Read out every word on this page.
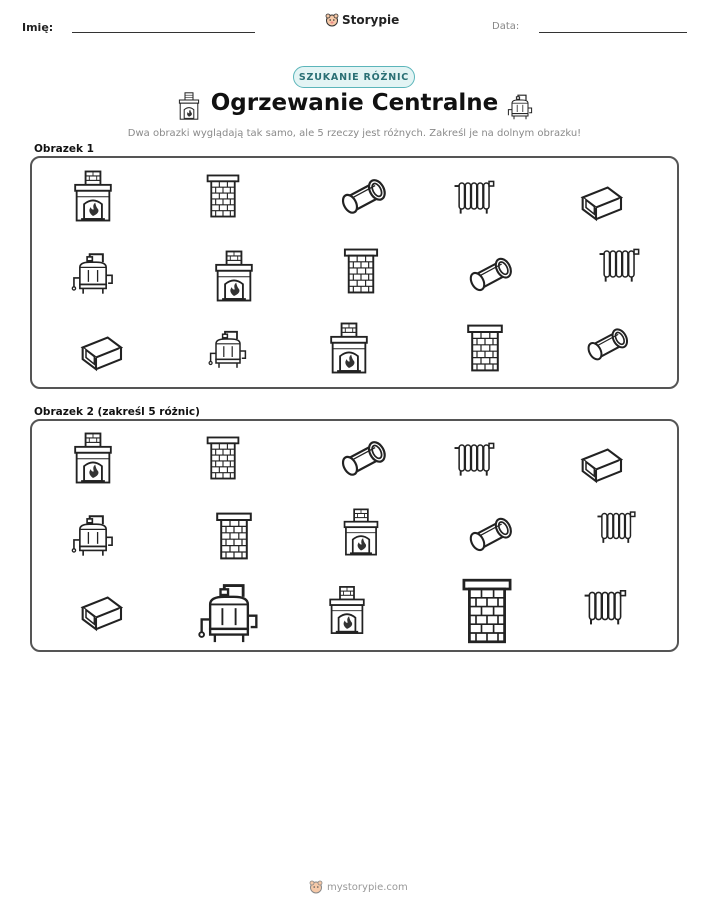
Imię:
Storypie	Data:
SZUKANIE RÓŻNIC
Ogrzewanie Centralne
Dwa obrazki wyglądają tak samo, ale 5 rzeczy jest różnych. Zakreśl je na dolnym obrazku!
Obrazek 1
Obrazek 2 (zakreśl 5 różnic)
mystorypie.com
